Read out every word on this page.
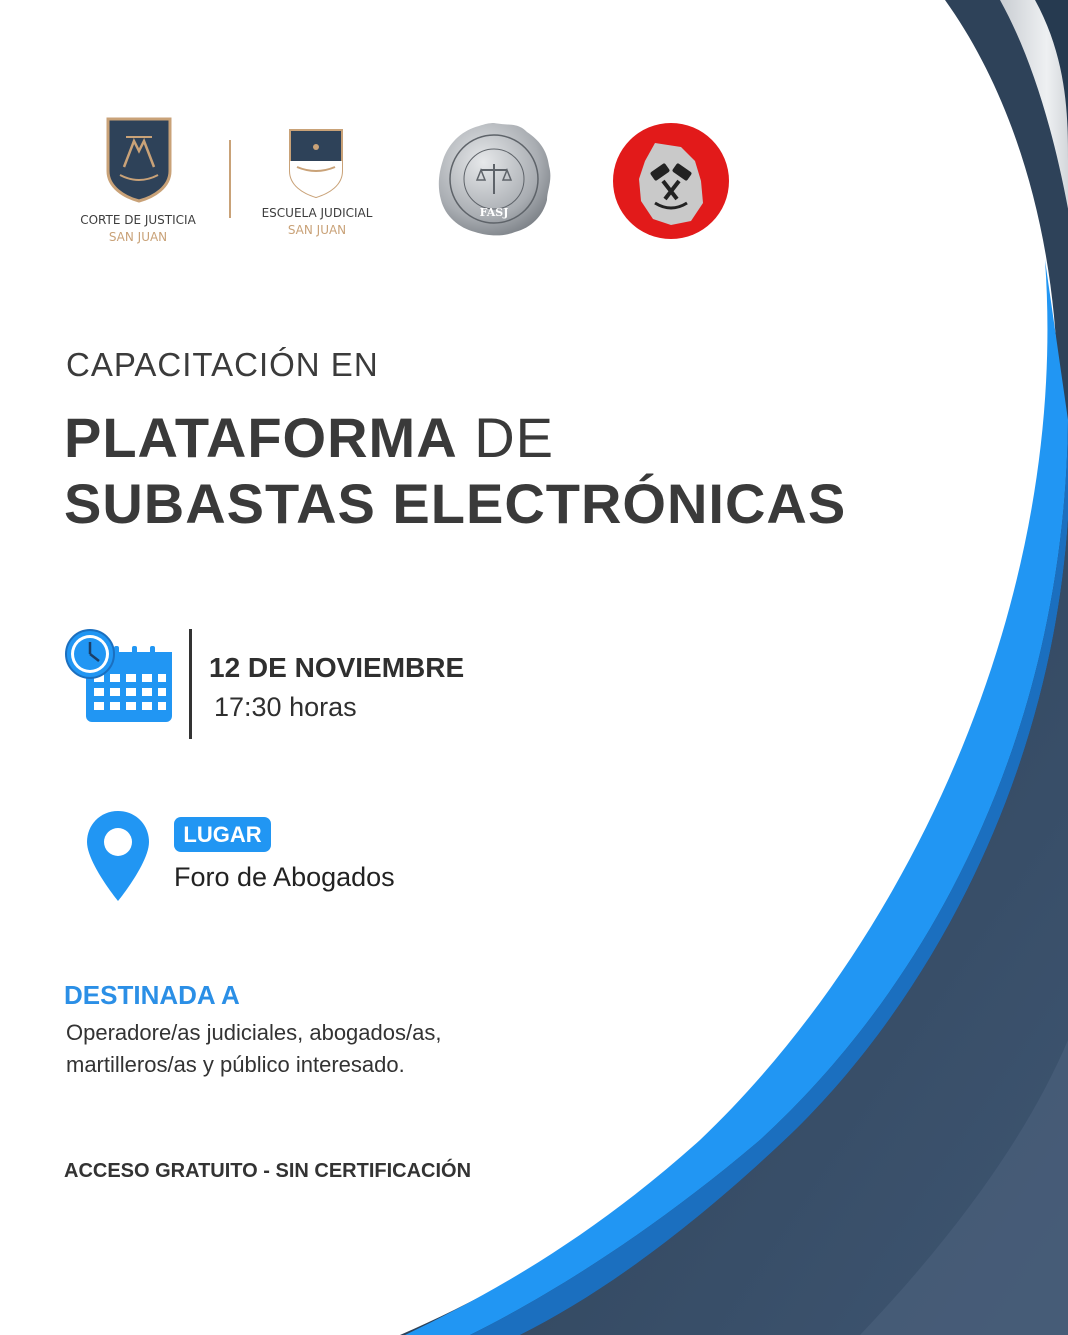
CORTE DE JUSTICIA
SAN JUAN
ESCUELA JUDICIAL
SAN JUAN
FASJ
CAPACITACIÓN EN
PLATAFORMA DE
SUBASTAS ELECTRÓNICAS
12 DE NOVIEMBRE
17:30 horas
LUGAR
Foro de Abogados
DESTINADA A
Operadore/as judiciales, abogados/as,
martilleros/as y público interesado.
ACCESO GRATUITO - SIN CERTIFICACIÓN
